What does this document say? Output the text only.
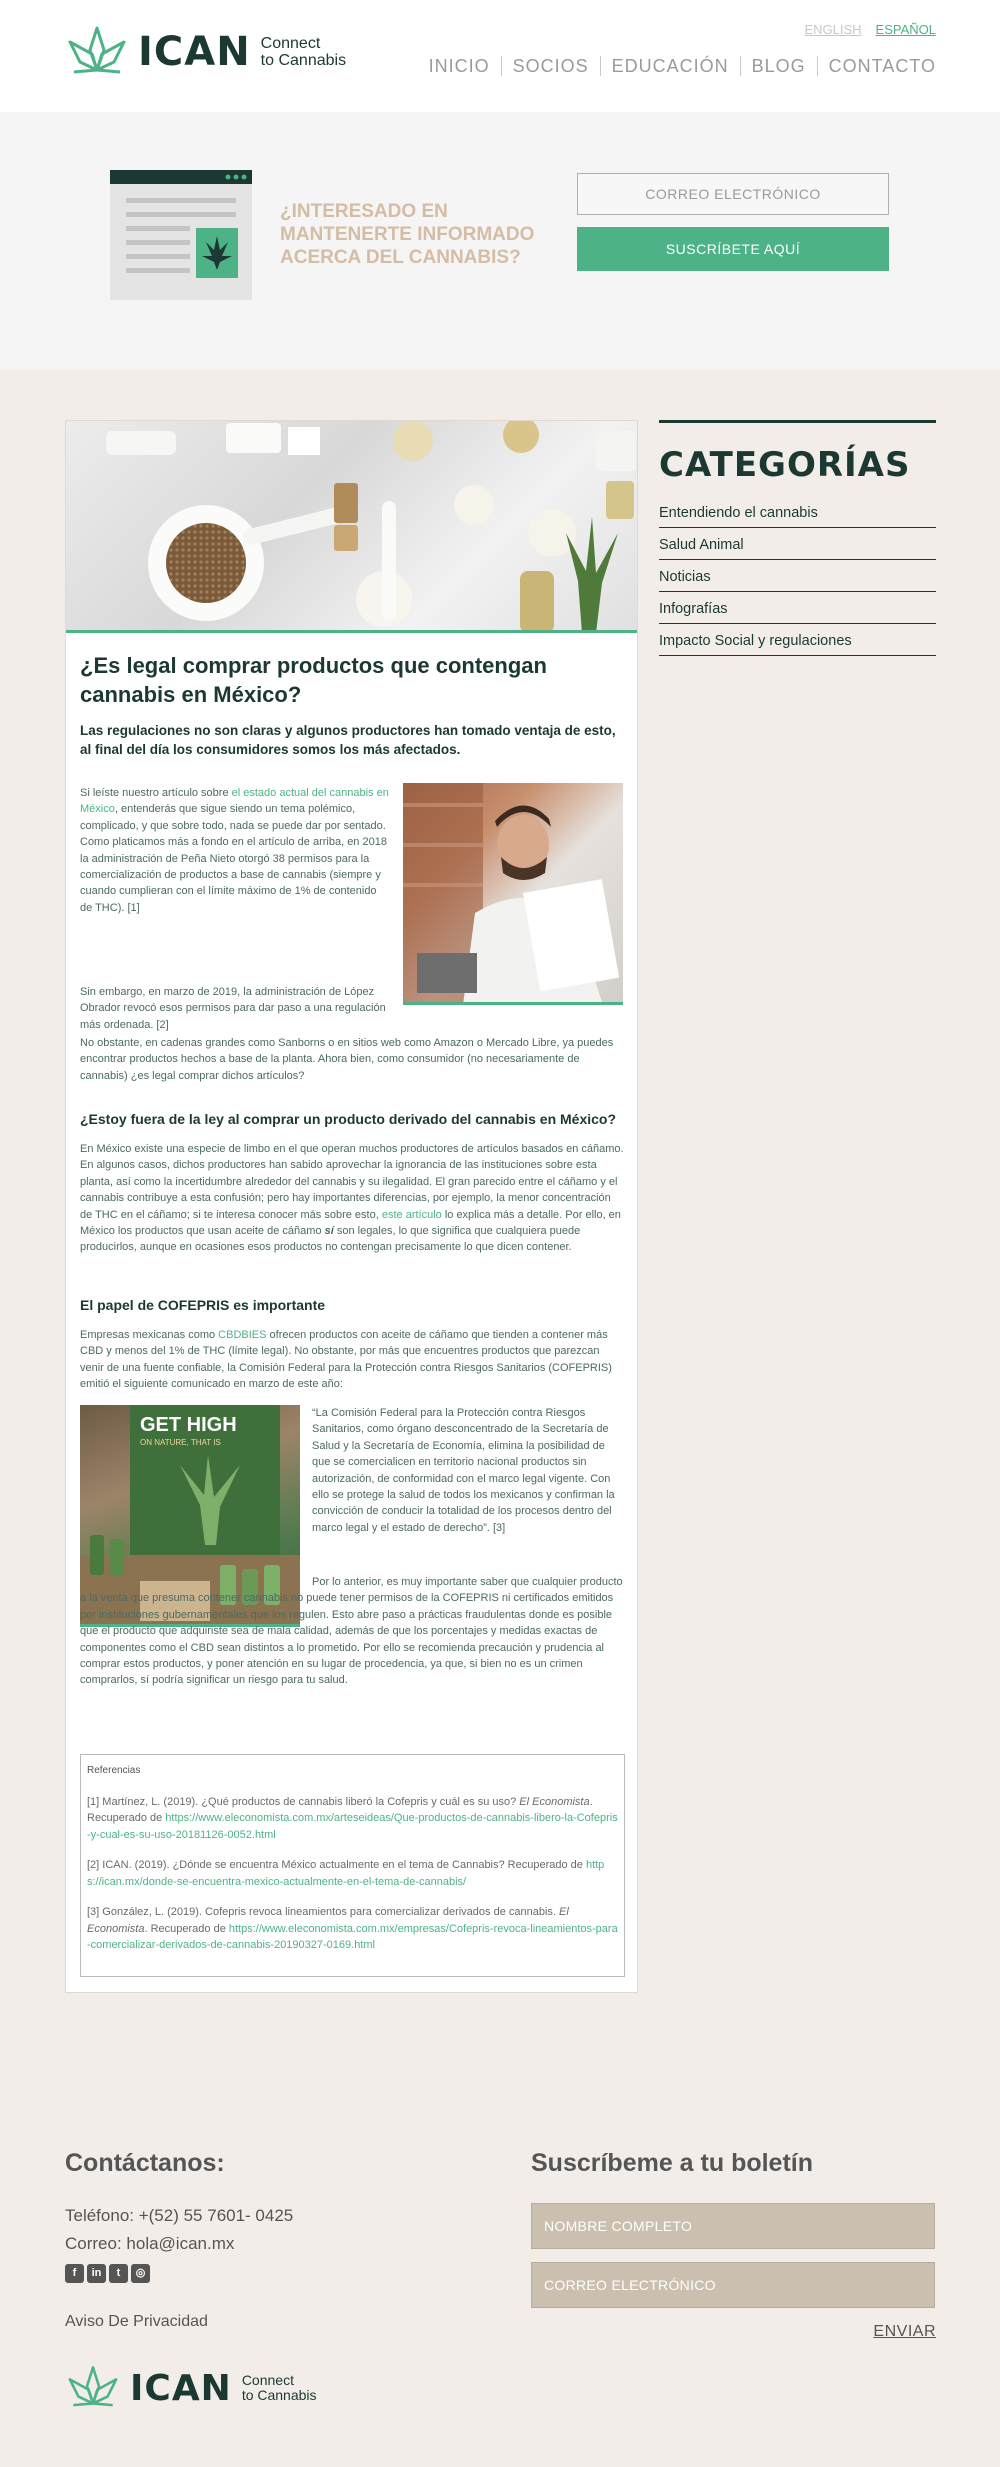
ICAN Connect
to Cannabis
ENGLISH ESPAÑOL
INICIO	SOCIOS	EDUCACIÓN	BLOG	CONTACTO
¿INTERESADO EN MANTENERTE INFORMADO ACERCA DEL CANNABIS?
CORREO ELECTRÓNICO
SUSCRÍBETE AQUÍ
¿Es legal comprar productos que contengan cannabis en México?

Las regulaciones no son claras y algunos productores han tomado ventaja de esto, al final del día los consumidores somos los más afectados.

Si leíste nuestro artículo sobre el estado actual del cannabis en México, entenderás que sigue siendo un tema polémico, complicado, y que sobre todo, nada se puede dar por sentado. Como platicamos más a fondo en el artículo de arriba, en 2018 la administración de Peña Nieto otorgó 38 permisos para la comercialización de productos a base de cannabis (siempre y cuando cumplieran con el límite máximo de 1% de contenido de THC). [1]

Sin embargo, en marzo de 2019, la administración de López Obrador revocó esos permisos para dar paso a una regulación más ordenada. [2]

No obstante, en cadenas grandes como Sanborns o en sitios web como Amazon o Mercado Libre, ya puedes encontrar productos hechos a base de la planta. Ahora bien, como consumidor (no necesariamente de cannabis) ¿es legal comprar dichos artículos?

¿Estoy fuera de la ley al comprar un producto derivado del cannabis en México?

En México existe una especie de limbo en el que operan muchos productores de artículos basados en cáñamo. En algunos casos, dichos productores han sabido aprovechar la ignorancia de las instituciones sobre esta planta, así como la incertidumbre alrededor del cannabis y su ilegalidad. El gran parecido entre el cáñamo y el cannabis contribuye a esta confusión; pero hay importantes diferencias, por ejemplo, la menor concentración de THC en el cáñamo; si te interesa conocer más sobre esto, este artículo lo explica más a detalle. Por ello, en México los productos que usan aceite de cáñamo sí son legales, lo que significa que cualquiera puede producirlos, aunque en ocasiones esos productos no contengan precisamente lo que dicen contener.

El papel de COFEPRIS es importante

Empresas mexicanas como CBDBIES ofrecen productos con aceite de cáñamo que tienden a contener más CBD y menos del 1% de THC (límite legal). No obstante, por más que encuentres productos que parezcan venir de una fuente confiable, la Comisión Federal para la Protección contra Riesgos Sanitarios (COFEPRIS) emitió el siguiente comunicado en marzo de este año:

GET HIGH
ON NATURE, THAT IS

“La Comisión Federal para la Protección contra Riesgos Sanitarios, como órgano desconcentrado de la Secretaría de Salud y la Secretaría de Economía, elimina la posibilidad de que se comercialicen en territorio nacional productos sin autorización, de conformidad con el marco legal vigente. Con ello se protege la salud de todos los mexicanos y confirman la convicción de conducir la totalidad de los procesos dentro del marco legal y el estado de derecho”. [3]

Por lo anterior, es muy importante saber que cualquier producto a la venta que presuma contener cannabis no puede tener permisos de la COFEPRIS ni certificados emitidos por instituciones gubernamentales que los regulen. Esto abre paso a prácticas fraudulentas donde es posible que el producto que adquiriste sea de mala calidad, además de que los porcentajes y medidas exactas de componentes como el CBD sean distintos a lo prometido. Por ello se recomienda precaución y prudencia al comprar estos productos, y poner atención en su lugar de procedencia, ya que, si bien no es un crimen comprarlos, sí podría significar un riesgo para tu salud.

Referencias
[1] Martínez, L. (2019). ¿Qué productos de cannabis liberó la Cofepris y cuál es su uso? El Economista. Recuperado de https://www.eleconomista.com.mx/arteseideas/Que-productos-de-cannabis-libero-la-Cofepris-y-cual-es-su-uso-20181126-0052.html
[2] ICAN. (2019). ¿Dónde se encuentra México actualmente en el tema de Cannabis? Recuperado de https://ican.mx/donde-se-encuentra-mexico-actualmente-en-el-tema-de-cannabis/
[3] González, L. (2019). Cofepris revoca lineamientos para comercializar derivados de cannabis. El Economista. Recuperado de https://www.eleconomista.com.mx/empresas/Cofepris-revoca-lineamientos-para-comercializar-derivados-de-cannabis-20190327-0169.html
CATEGORÍAS
Entendiendo el cannabis
Salud Animal
Noticias
Infografías
Impacto Social y regulaciones
Contáctanos:
Teléfono: +(52) 55 7601- 0425
Correo: hola@ican.mx
f	in	t	◎
Aviso De Privacidad
ICAN Connect
to Cannabis
Suscríbeme a tu boletín
NOMBRE COMPLETO
CORREO ELECTRÓNICO
ENVIAR
